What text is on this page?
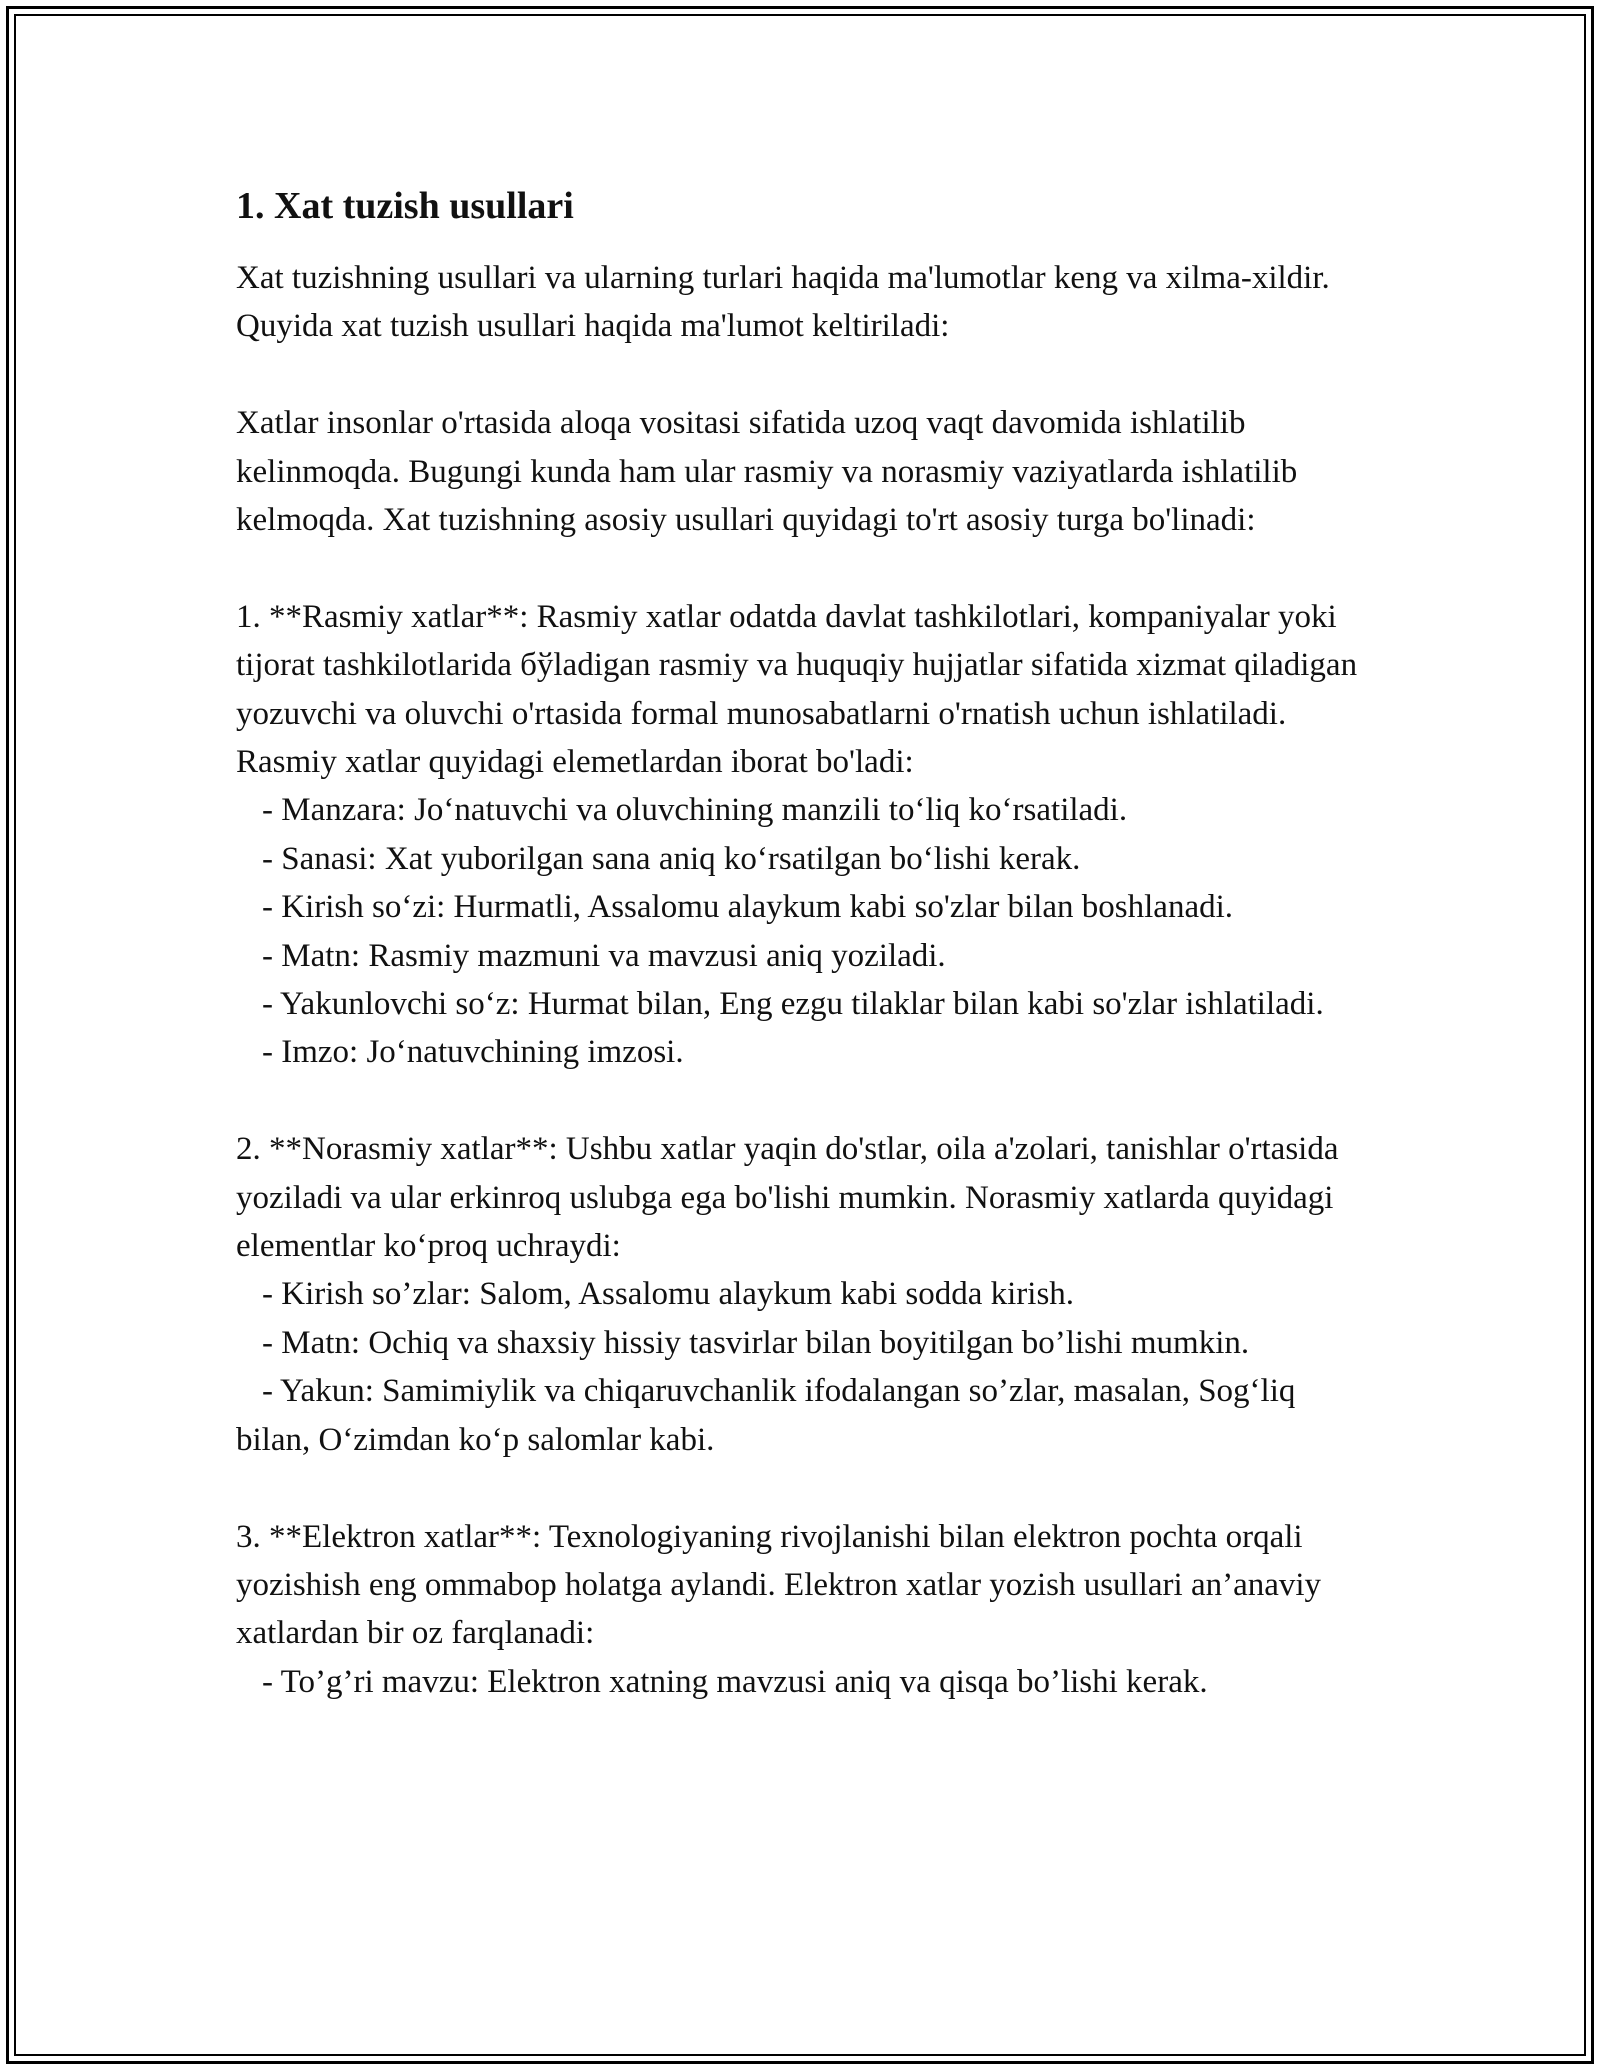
1. Xat tuzish usullari

Xat tuzishning usullari va ularning turlari haqida ma'lumotlar keng va xilma-xildir. Quyida xat tuzish usullari haqida ma'lumot keltiriladi:

Xatlar insonlar o'rtasida aloqa vositasi sifatida uzoq vaqt davomida ishlatilib kelinmoqda. Bugungi kunda ham ular rasmiy va norasmiy vaziyatlarda ishlatilib kelmoqda. Xat tuzishning asosiy usullari quyidagi to'rt asosiy turga bo'linadi:

1. **Rasmiy xatlar**: Rasmiy xatlar odatda davlat tashkilotlari, kompaniyalar yoki tijorat tashkilotlarida бўladigan rasmiy va huquqiy hujjatlar sifatida xizmat qiladigan yozuvchi va oluvchi o'rtasida formal munosabatlarni o'rnatish uchun ishlatiladi. Rasmiy xatlar quyidagi elemetlardan iborat bo'ladi:

- Manzara: Jo‘natuvchi va oluvchining manzili to‘liq ko‘rsatiladi.

- Sanasi: Xat yuborilgan sana aniq ko‘rsatilgan bo‘lishi kerak.

- Kirish so‘zi: Hurmatli, Assalomu alaykum kabi so'zlar bilan boshlanadi.

- Matn: Rasmiy mazmuni va mavzusi aniq yoziladi.

- Yakunlovchi so‘z: Hurmat bilan, Eng ezgu tilaklar bilan kabi so'zlar ishlatiladi.

- Imzo: Jo‘natuvchining imzosi.

2. **Norasmiy xatlar**: Ushbu xatlar yaqin do'stlar, oila a'zolari, tanishlar o'rtasida yoziladi va ular erkinroq uslubga ega bo'lishi mumkin. Norasmiy xatlarda quyidagi elementlar ko‘proq uchraydi:

- Kirish so’zlar: Salom, Assalomu alaykum kabi sodda kirish.

- Matn: Ochiq va shaxsiy hissiy tasvirlar bilan boyitilgan bo’lishi mumkin.

- Yakun: Samimiylik va chiqaruvchanlik ifodalangan so’zlar, masalan, Sog‘liq bilan, O‘zimdan ko‘p salomlar kabi.

3. **Elektron xatlar**: Texnologiyaning rivojlanishi bilan elektron pochta orqali yozishish eng ommabop holatga aylandi. Elektron xatlar yozish usullari an’anaviy xatlardan bir oz farqlanadi:

- To’g’ri mavzu: Elektron xatning mavzusi aniq va qisqa bo’lishi kerak.
